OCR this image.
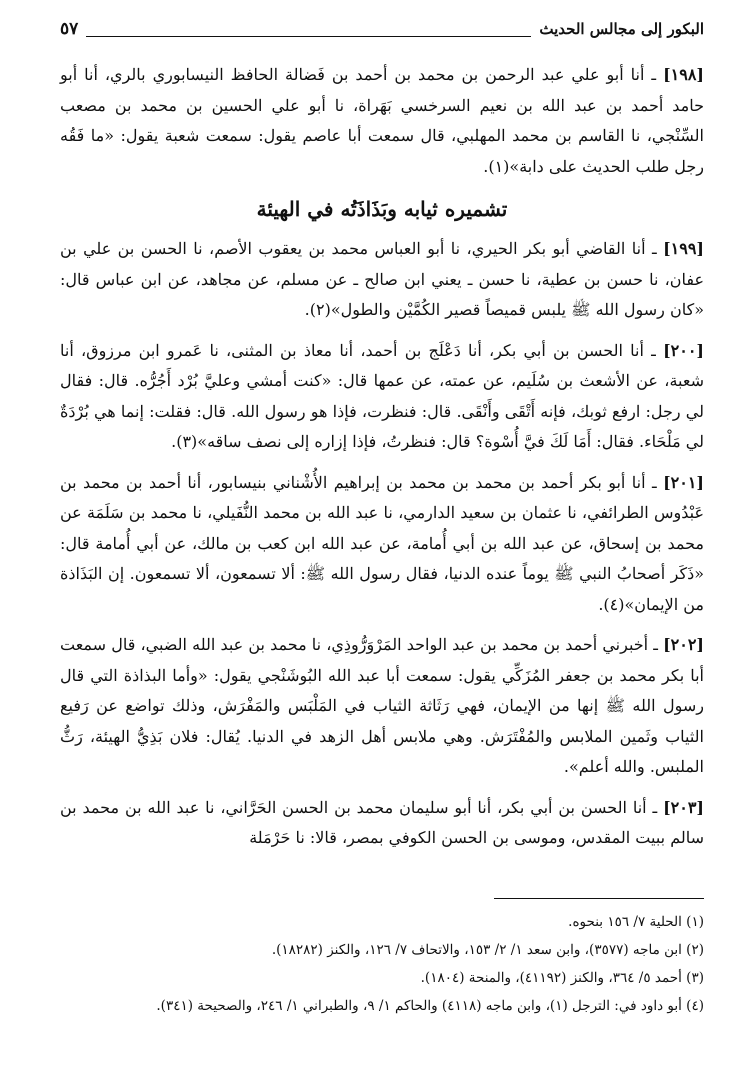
البكور إلى مجالس الحديث
٥٧

[١٩٨] ـ أنا أبو علي عبد الرحمن بن محمد بن أحمد بن فَضالة الحافظ النيسابوري بالري، أنا أبو حامد أحمد بن عبد الله بن نعيم السرخسي بَهَراة، نا أبو علي الحسين بن محمد بن مصعب السِّنْجي، نا القاسم بن محمد المهلبي، قال سمعت أبا عاصم يقول: سمعت شعبة يقول: «ما فَقُه رجل طلب الحديث على دابة»(١).

تشميره ثيابه وبَذَاذَتُه في الهيئة

[١٩٩] ـ أنا القاضي أبو بكر الحيري، نا أبو العباس محمد بن يعقوب الأصم، نا الحسن بن علي بن عفان، نا حسن بن عطية، نا حسن ـ يعني ابن صالح ـ عن مسلم، عن مجاهد، عن ابن عباس قال: «كان رسول الله ﷺ يلبس قميصاً قصير الكُمَّيْن والطول»(٢).

[٢٠٠] ـ أنا الحسن بن أبي بكر، أنا دَعْلَج بن أحمد، أنا معاذ بن المثنى، نا عَمرو ابن مرزوق، أنا شعبة، عن الأشعث بن سُلَيم، عن عمته، عن عمها قال: «كنت أمشي وعليَّ بُرْد أَجُرُّه. قال: فقال لي رجل: ارفع ثوبك، فإنه أَتْقَى وأَنْقَى. قال: فنظرت، فإذا هو رسول الله. قال: فقلت: إنما هي بُرْدَةٌ لي مَلْحَاء. فقال: أَمَا لَكَ فيَّ أُسْوة؟ قال: فنظرتُ، فإذا إزاره إلى نصف ساقه»(٣).

[٢٠١] ـ أنا أبو بكر أحمد بن محمد بن محمد بن إبراهيم الأُشْناني بنيسابور، أنا أحمد بن محمد بن عَبْدُوس الطرائفي، نا عثمان بن سعيد الدارمي، نا عبد الله بن محمد النُّفَيلي، نا محمد بن سَلَمَة عن محمد بن إسحاق، عن عبد الله بن أبي أُمامة، عن عبد الله ابن كعب بن مالك، عن أبي أُمامة قال: «ذَكَر أصحابُ النبي ﷺ يوماً عنده الدنيا، فقال رسول الله ﷺ: ألا تسمعون، ألا تسمعون. إن البَذَاذة من الإيمان»(٤).

[٢٠٢] ـ أخبرني أحمد بن محمد بن عبد الواحد المَرْوَرُّوذِي، نا محمد بن عبد الله الضبي، قال سمعت أبا بكر محمد بن جعفر المُزَكِّي يقول: سمعت أبا عبد الله البُوشَنْجي يقول: «وأما البذاذة التي قال رسول الله ﷺ إنها من الإيمان، فهي رَثَاثة الثياب في المَلْبَس والمَفْرَش، وذلك تواضع عن رَفيع الثياب وثَمين الملابس والمُفْتَرَش. وهي ملابس أهل الزهد في الدنيا. يُقال: فلان بَذِيُّ الهيئة، رَثُّ الملبس. والله أعلم».

[٢٠٣] ـ أنا الحسن بن أبي بكر، أنا أبو سليمان محمد بن الحسن الحَرَّاني، نا عبد الله بن محمد بن سالم ببيت المقدس، وموسى بن الحسن الكوفي بمصر، قالا: نا حَرْمَلة

(١) الحلية ٧/ ١٥٦ بنحوه.

(٢) ابن ماجه (٣٥٧٧)، وابن سعد ١/ ٢/ ١٥٣، والاتحاف ٧/ ١٢٦، والكنز (١٨٢٨٢).

(٣) أحمد ٥/ ٣٦٤، والكنز (٤١١٩٢)، والمنحة (١٨٠٤).

(٤) أبو داود في: الترجل (١)، وابن ماجه (٤١١٨) والحاكم ١/ ٩، والطبراني ١/ ٢٤٦، والصحيحة (٣٤١).
